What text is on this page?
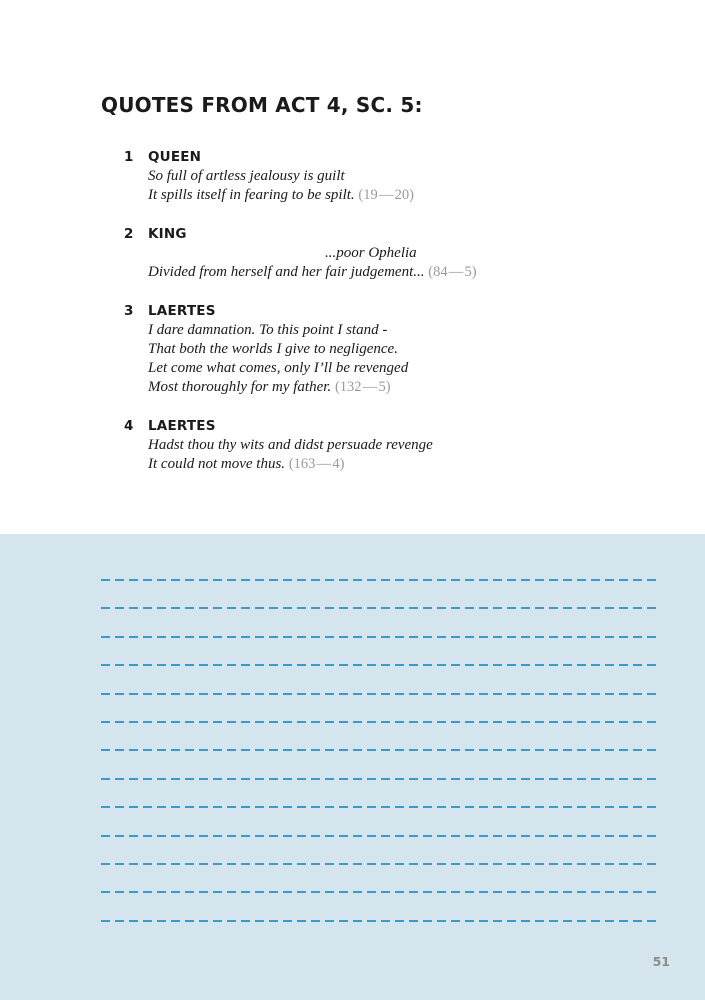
QUOTES FROM ACT 4, SC. 5:
1 QUEEN
So full of artless jealousy is guilt
It spills itself in fearing to be spilt. (19 — 20)
2 KING
...poor Ophelia
Divided from herself and her fair judgement... (84 — 5)
3 LAERTES
I dare damnation. To this point I stand -
That both the worlds I give to negligence.
Let come what comes, only I’ll be revenged
Most thoroughly for my father. (132 — 5)
4 LAERTES
Hadst thou thy wits and didst persuade revenge
It could not move thus. (163 — 4)
51
